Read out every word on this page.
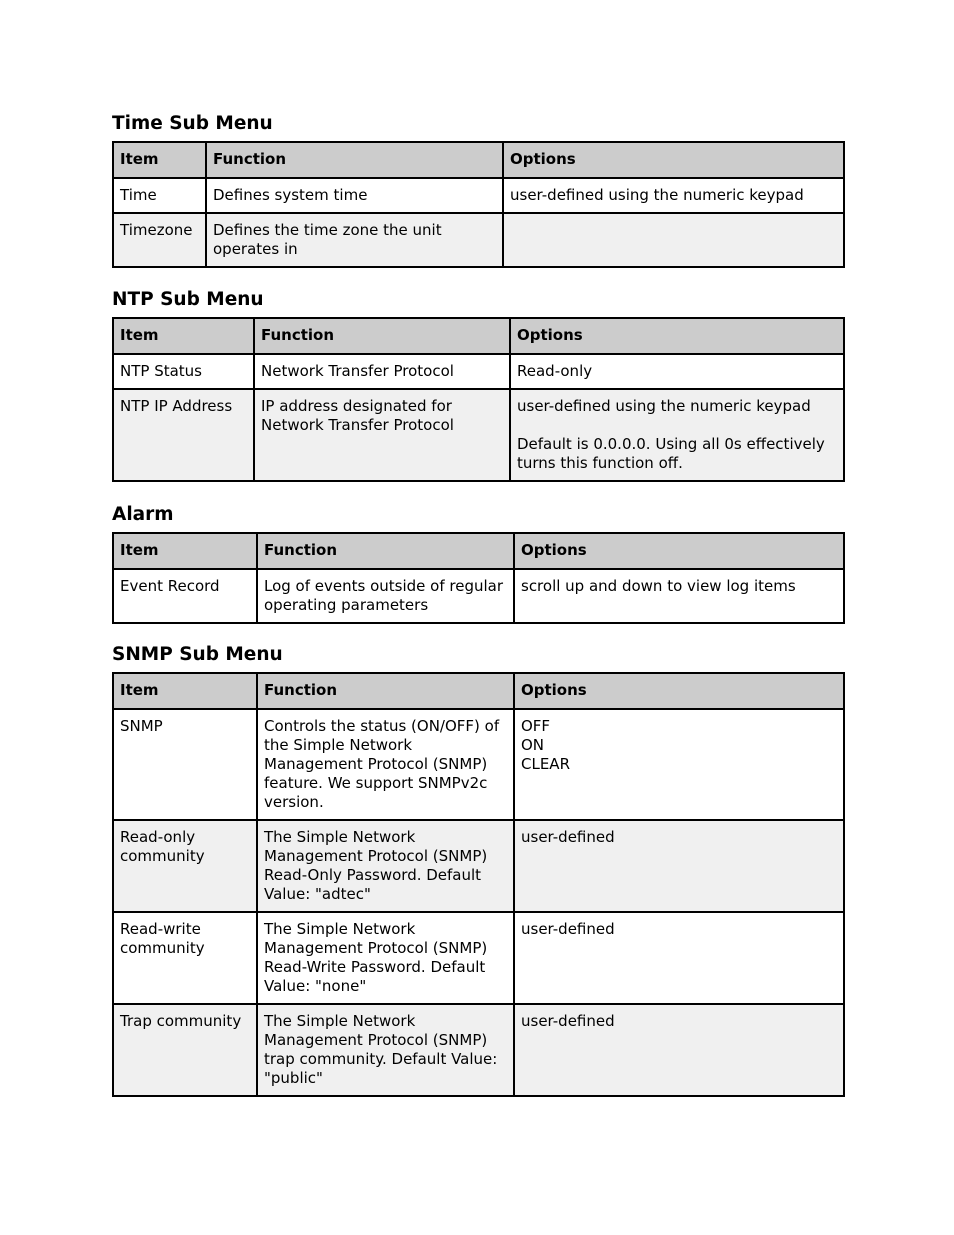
Time Sub Menu
Item	Function	Options
Time	Defines system time	user-defined using the numeric keypad
Timezone	Defines the time zone the unit operates in	
NTP Sub Menu
Item	Function	Options
NTP Status	Network Transfer Protocol	Read-only
NTP IP Address	IP address designated for Network Transfer Protocol	user-defined using the numeric keypad
Default is 0.0.0.0. Using all 0s effectively turns this function off.
Alarm
Item	Function	Options
Event Record	Log of events outside of regular operating parameters	scroll up and down to view log items
SNMP Sub Menu
Item	Function	Options
SNMP	Controls the status (ON/OFF) of the Simple Network Management Protocol (SNMP) feature. We support SNMPv2c version.	OFF
ON
CLEAR

Read-only community	The Simple Network Management Protocol (SNMP) Read-Only Password. Default Value: "adtec"	user-defined
Read-write community	The Simple Network Management Protocol (SNMP) Read-Write Password. Default Value: "none"	user-defined
Trap community	The Simple Network Management Protocol (SNMP) trap community. Default Value: "public"	user-defined
